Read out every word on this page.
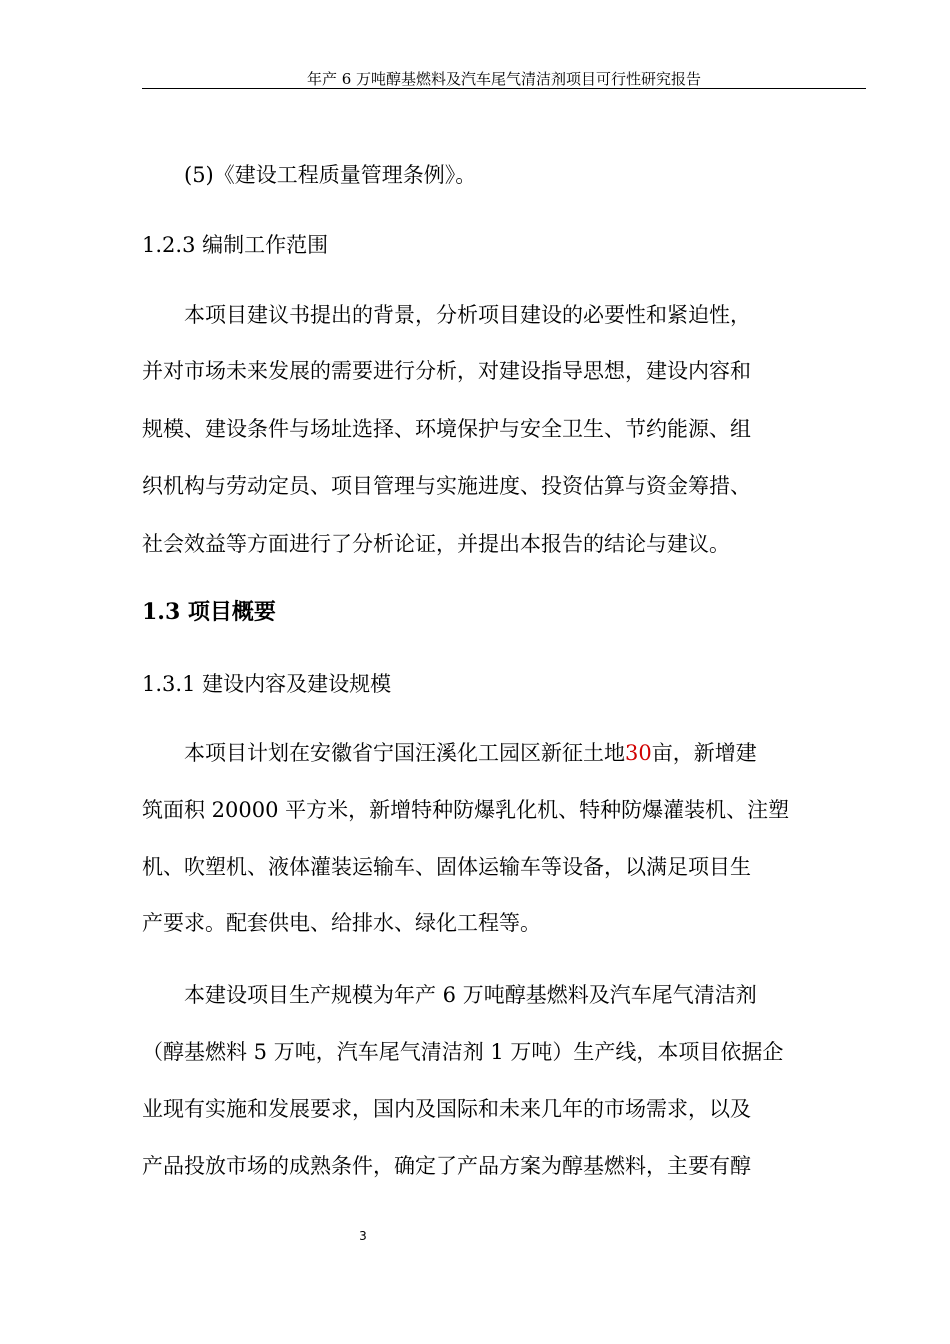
年产 6 万吨醇基燃料及汽车尾气清洁剂项目可行性研究报告
(5)《建设工程质量管理条例》。
1.2.3 编制工作范围
本项目建议书提出的背景，分析项目建设的必要性和紧迫性，
并对市场未来发展的需要进行分析，对建设指导思想，建设内容和
规模、建设条件与场址选择、环境保护与安全卫生、节约能源、组
织机构与劳动定员、项目管理与实施进度、投资估算与资金筹措、
社会效益等方面进行了分析论证，并提出本报告的结论与建议。
1.3 项目概要
1.3.1 建设内容及建设规模
本项目计划在安徽省宁国汪溪化工园区新征土地30亩，新增建
筑面积 20000 平方米，新增特种防爆乳化机、特种防爆灌装机、注塑
机、吹塑机、液体灌装运输车、固体运输车等设备，以满足项目生
产要求。配套供电、给排水、绿化工程等。
本建设项目生产规模为年产 6 万吨醇基燃料及汽车尾气清洁剂
（醇基燃料 5 万吨，汽车尾气清洁剂 1 万吨）生产线，本项目依据企
业现有实施和发展要求，国内及国际和未来几年的市场需求，以及
产品投放市场的成熟条件，确定了产品方案为醇基燃料，主要有醇
3
